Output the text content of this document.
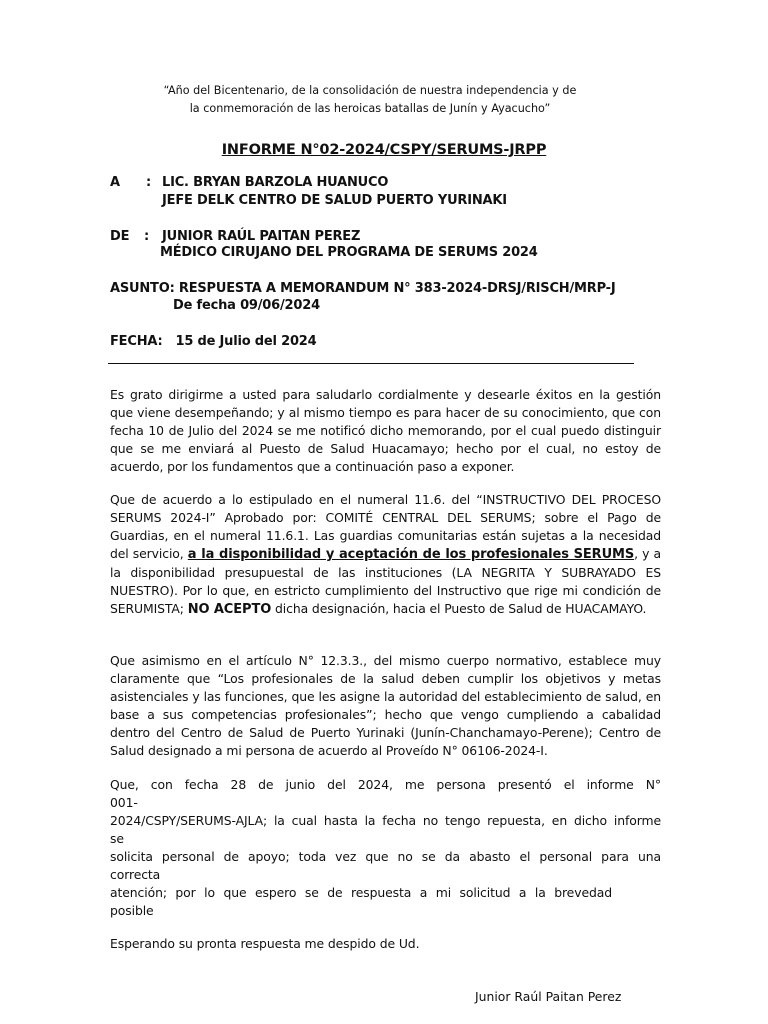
“Año del Bicentenario, de la consolidación de nuestra independencia y de
la conmemoración de las heroicas batallas de Junín y Ayacucho”
INFORME N°02-2024/CSPY/SERUMS-JRPP
A : LIC. BRYAN BARZOLA HUANUCO
JEFE DELK CENTRO DE SALUD PUERTO YURINAKI
DE : JUNIOR RAÚL PAITAN PEREZ
MÉDICO CIRUJANO DEL PROGRAMA DE SERUMS 2024
ASUNTO: RESPUESTA A MEMORANDUM N° 383-2024-DRSJ/RISCH/MRP-J
De fecha 09/06/2024
FECHA: 15 de Julio del 2024

Es grato dirigirme a usted para saludarlo cordialmente y desearle éxitos en la gestión que viene desempeñando; y al mismo tiempo es para hacer de su conocimiento, que con fecha 10 de Julio del 2024 se me notificó dicho memorando, por el cual puedo distinguir que se me enviará al Puesto de Salud Huacamayo; hecho por el cual, no estoy de acuerdo, por los fundamentos que a continuación paso a exponer.

Que de acuerdo a lo estipulado en el numeral 11.6. del “INSTRUCTIVO DEL PROCESO SERUMS 2024-I” Aprobado por: COMITÉ CENTRAL DEL SERUMS; sobre el Pago de Guardias, en el numeral 11.6.1. Las guardias comunitarias están sujetas a la necesidad del servicio, a la disponibilidad y aceptación de los profesionales SERUMS, y a la disponibilidad presupuestal de las instituciones (LA NEGRITA Y SUBRAYADO ES NUESTRO). Por lo que, en estricto cumplimiento del Instructivo que rige mi condición de SERUMISTA; NO ACEPTO dicha designación, hacia el Puesto de Salud de HUACAMAYO.

Que asimismo en el artículo N° 12.3.3., del mismo cuerpo normativo, establece muy claramente que “Los profesionales de la salud deben cumplir los objetivos y metas asistenciales y las funciones, que les asigne la autoridad del establecimiento de salud, en base a sus competencias profesionales”; hecho que vengo cumpliendo a cabalidad dentro del Centro de Salud de Puerto Yurinaki (Junín-Chanchamayo-Perene); Centro de Salud designado a mi persona de acuerdo al Proveído N° 06106-2024-I.

Que, con fecha 28 de junio del 2024, me persona presentó el informe N°
001-
2024/CSPY/SERUMS-AJLA; la cual hasta la fecha no tengo repuesta, en dicho informe
se
solicita personal de apoyo; toda vez que no se da abasto el personal para una
correcta
atención; por lo que espero se de respuesta a mi solicitud a la brevedad
posible

Esperando su pronta respuesta me despido de Ud.

Junior Raúl Paitan Perez
